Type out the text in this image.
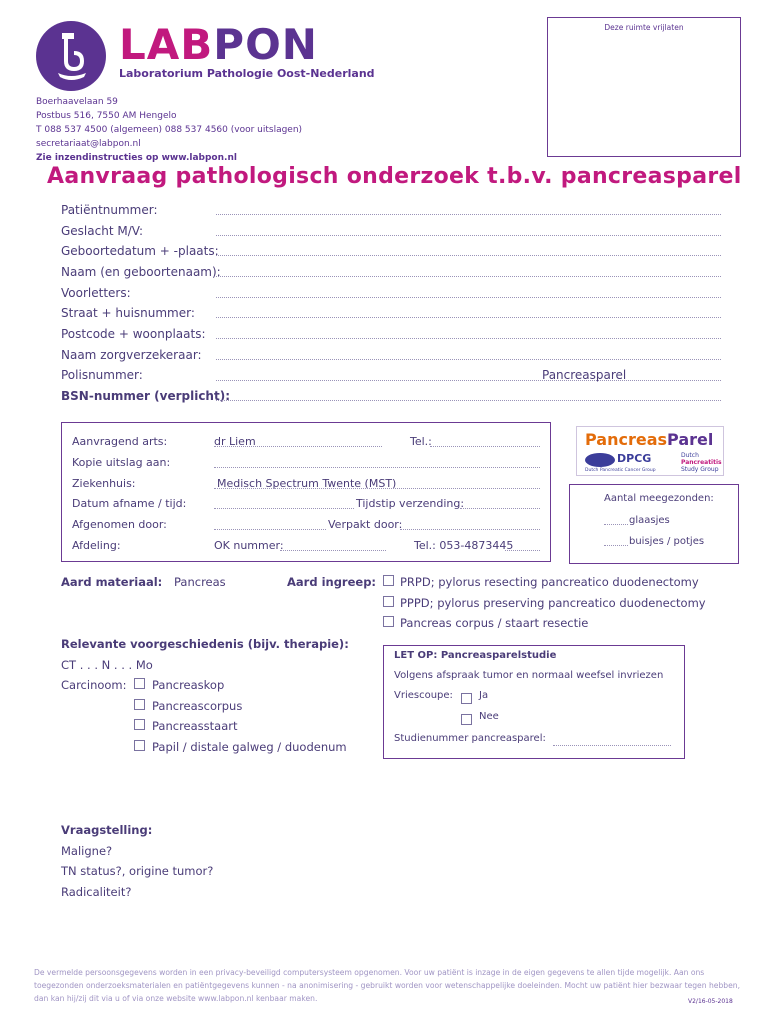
LABPON
Laboratorium Pathologie Oost-Nederland
Boerhaavelaan 59
Postbus 516, 7550 AM Hengelo
T 088 537 4500 (algemeen) 088 537 4560 (voor uitslagen)
secretariaat@labpon.nl
Zie inzendinstructies op www.labpon.nl
Deze ruimte vrijlaten
Aanvraag pathologisch onderzoek t.b.v. pancreasparel
Patiëntnummer:
Geslacht M/V:
Geboortedatum + -plaats:
Naam (en geboortenaam):
Voorletters:
Straat + huisnummer:
Postcode + woonplaats:
Naam zorgverzekeraar:
Polisnummer:	Pancreasparel
BSN-nummer (verplicht):
Aanvragend arts:	dr Liem	Tel.:
Kopie uitslag aan:
Ziekenhuis:	Medisch Spectrum Twente (MST)
Datum afname / tijd:	Tijdstip verzending:
Afgenomen door:	Verpakt door:
Afdeling:	OK nummer:	Tel.: 053-4873445
PancreasParel
DPCG
Dutch Pancreatic Cancer Group
Dutch
Pancreatitis
Study Group
Aantal meegezonden:
glaasjes
buisjes / potjes
Aard materiaal: Pancreas	Aard ingreep: PRPD; pylorus resecting pancreatico duodenectomy
PPPD; pylorus preserving pancreatico duodenectomy
Pancreas corpus / staart resectie
Relevante voorgeschiedenis (bijv. therapie):
CT . . . N . . . Mo
Carcinoom: Pancreaskop
Pancreascorpus
Pancreasstaart
Papil / distale galweg / duodenum
LET OP: Pancreasparelstudie
Volgens afspraak tumor en normaal weefsel invriezen
Vriescoupe:	Ja
Nee
Studienummer pancreasparel:
Vraagstelling:
Maligne?
TN status?, origine tumor?
Radicaliteit?
De vermelde persoonsgegevens worden in een privacy-beveiligd computersysteem opgenomen. Voor uw patiënt is inzage in de eigen gegevens te allen tijde mogelijk. Aan ons toegezonden onderzoeksmaterialen en patiëntgegevens kunnen - na anonimisering - gebruikt worden voor wetenschappelijke doeleinden. Mocht uw patiënt hier bezwaar tegen hebben, dan kan hij/zij dit via u of via onze website www.labpon.nl kenbaar maken.	V2/16-05-2018
